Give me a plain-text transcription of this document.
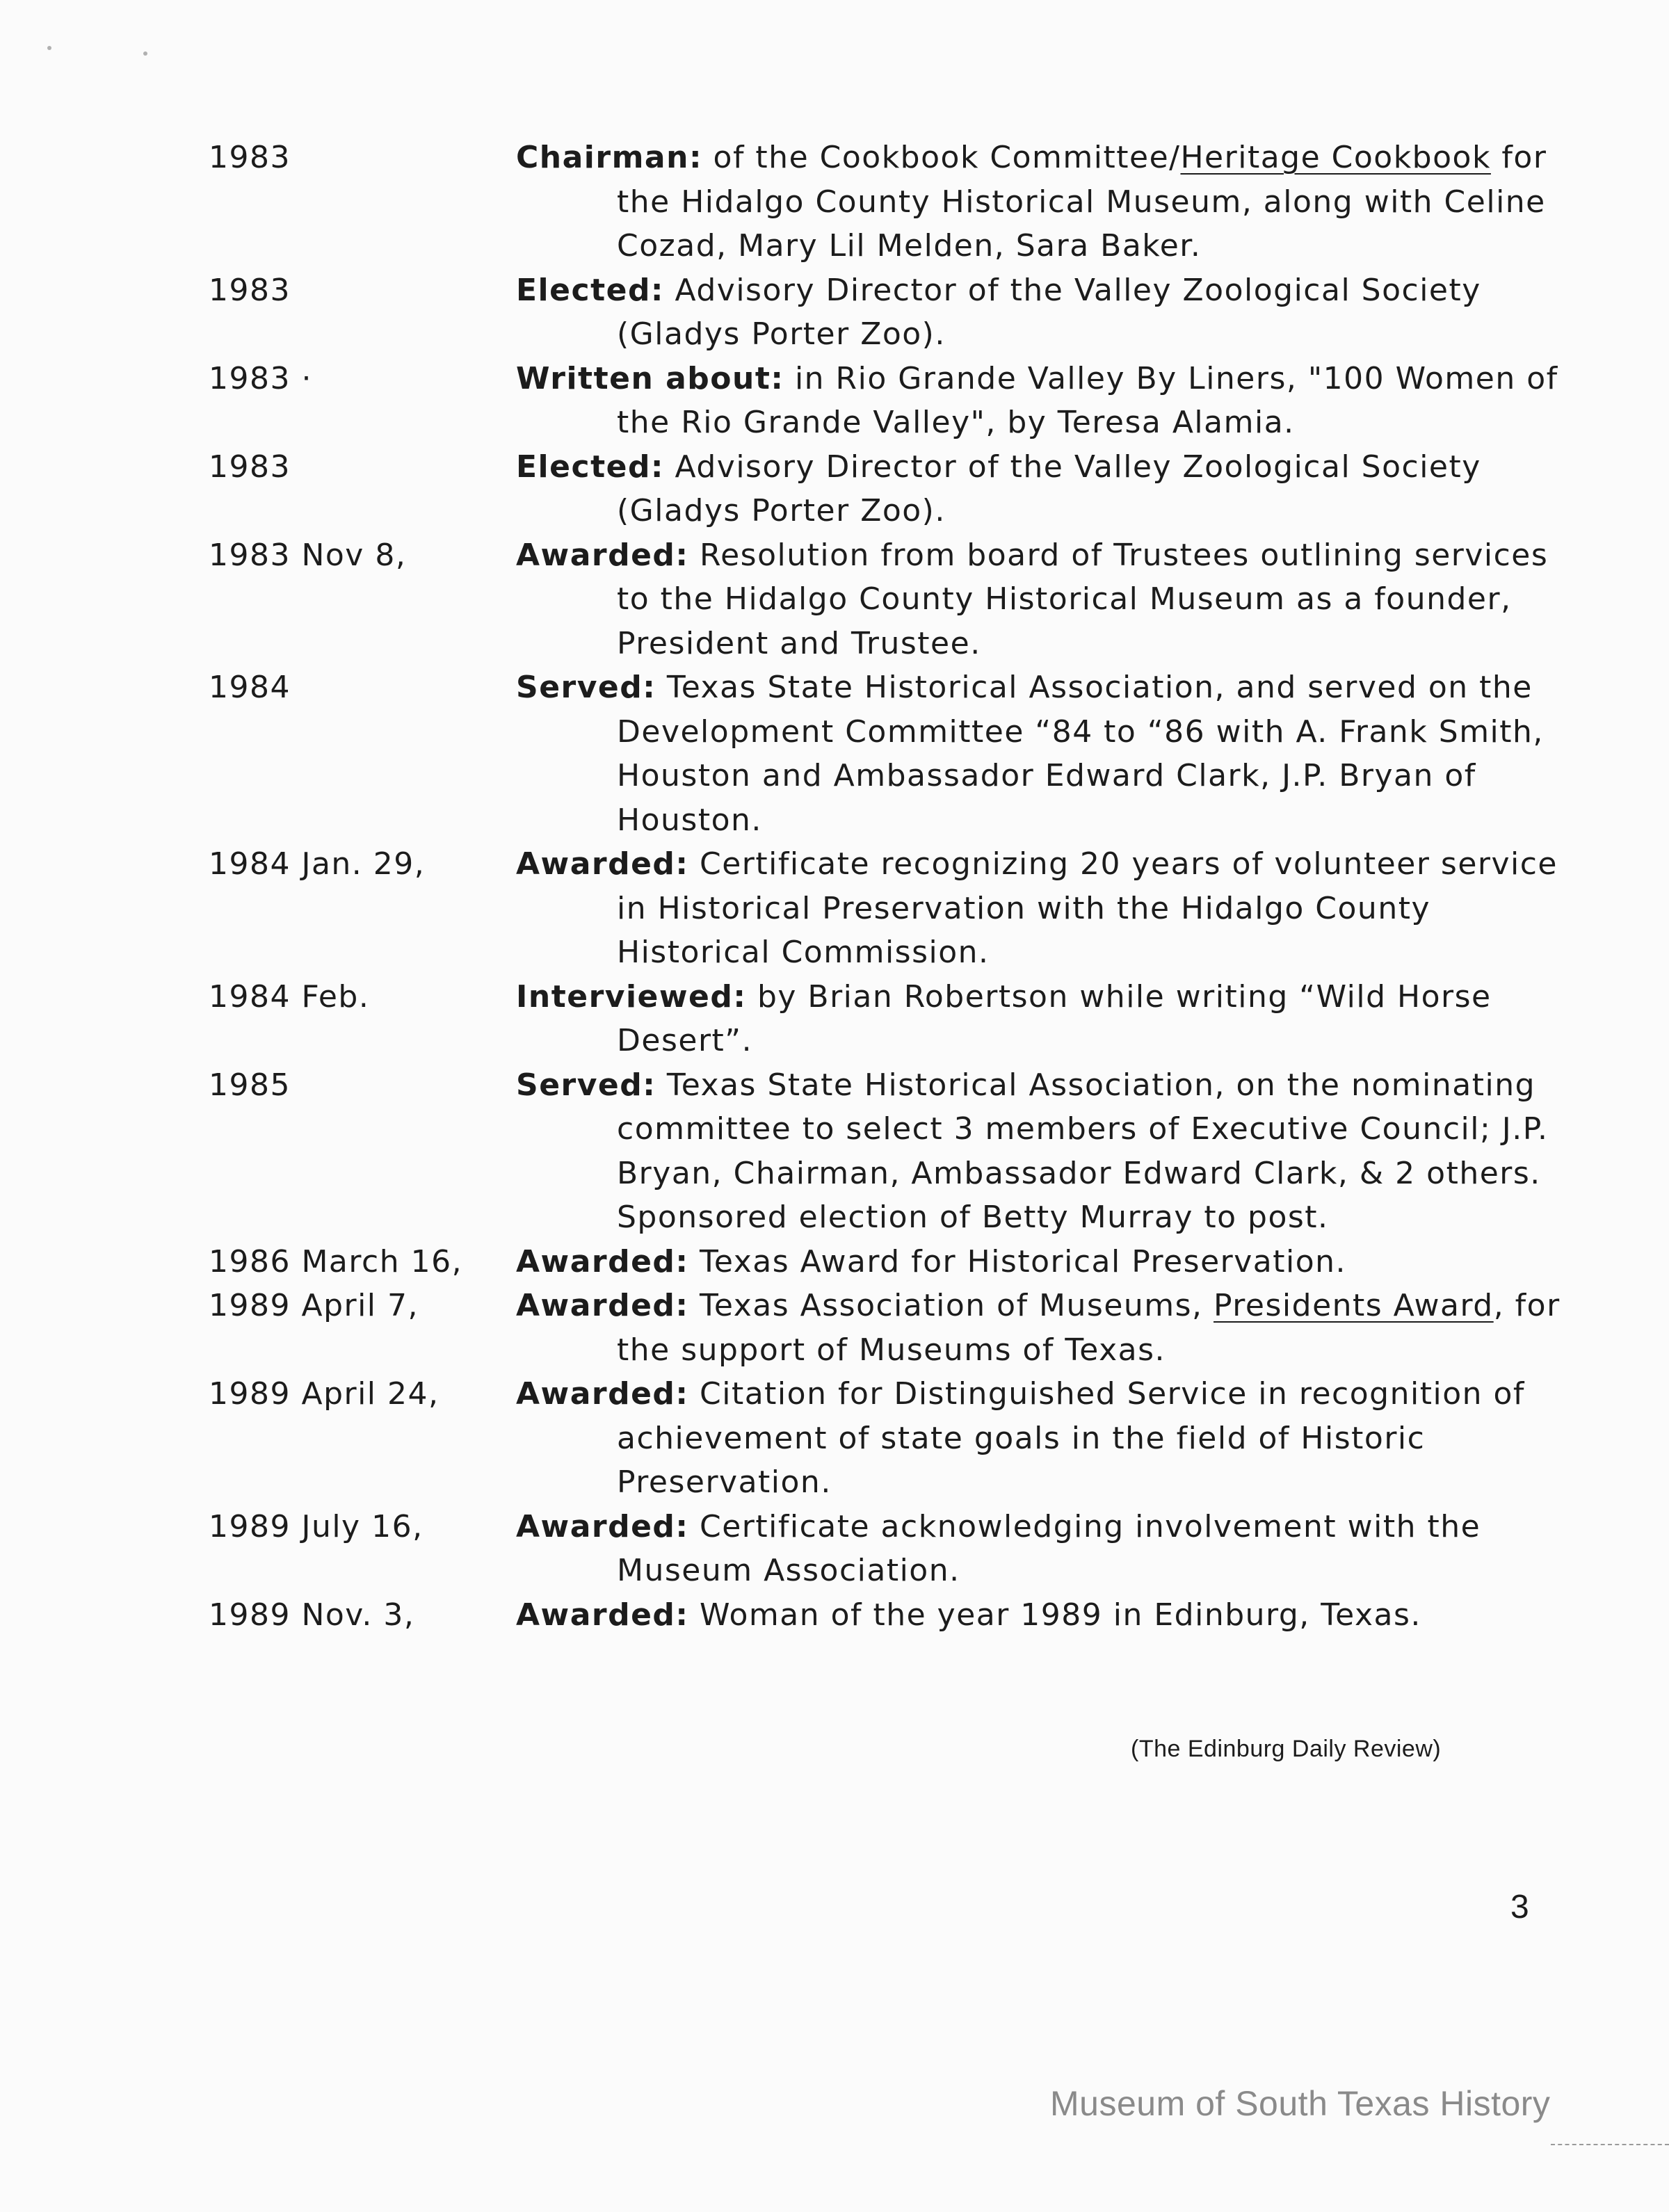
1983	Chairman: of the Cookbook Committee/Heritage Cookbook for the Hidalgo County Historical Museum, along with Celine Cozad, Mary Lil Melden, Sara Baker.
1983	Elected: Advisory Director of the Valley Zoological Society (Gladys Porter Zoo).
1983 ·	Written about: in Rio Grande Valley By Liners, "100 Women of the Rio Grande Valley", by Teresa Alamia.
1983	Elected: Advisory Director of the Valley Zoological Society (Gladys Porter Zoo).
1983 Nov 8,	Awarded: Resolution from board of Trustees outlining services to the Hidalgo County Historical Museum as a founder, President and Trustee.
1984	Served: Texas State Historical Association, and served on the Development Committee “84 to “86 with A. Frank Smith, Houston and Ambassador Edward Clark, J.P. Bryan of Houston.
1984 Jan. 29,	Awarded: Certificate recognizing 20 years of volunteer service in Historical Preservation with the Hidalgo County Historical Commission.
1984 Feb.	Interviewed: by Brian Robertson while writing “Wild Horse Desert”.
1985	Served: Texas State Historical Association, on the nominating committee to select 3 members of Executive Council; J.P. Bryan, Chairman, Ambassador Edward Clark, & 2 others. Sponsored election of Betty Murray to post.
1986 March 16,	Awarded: Texas Award for Historical Preservation.
1989 April 7,	Awarded: Texas Association of Museums, Presidents Award, for the support of Museums of Texas.
1989 April 24,	Awarded: Citation for Distinguished Service in recognition of achievement of state goals in the field of Historic Preservation.
1989 July 16,	Awarded: Certificate acknowledging involvement with the Museum Association.
1989 Nov. 3,	Awarded: Woman of the year 1989 in Edinburg, Texas.
(The Edinburg Daily Review)
3
Museum of South Texas History
